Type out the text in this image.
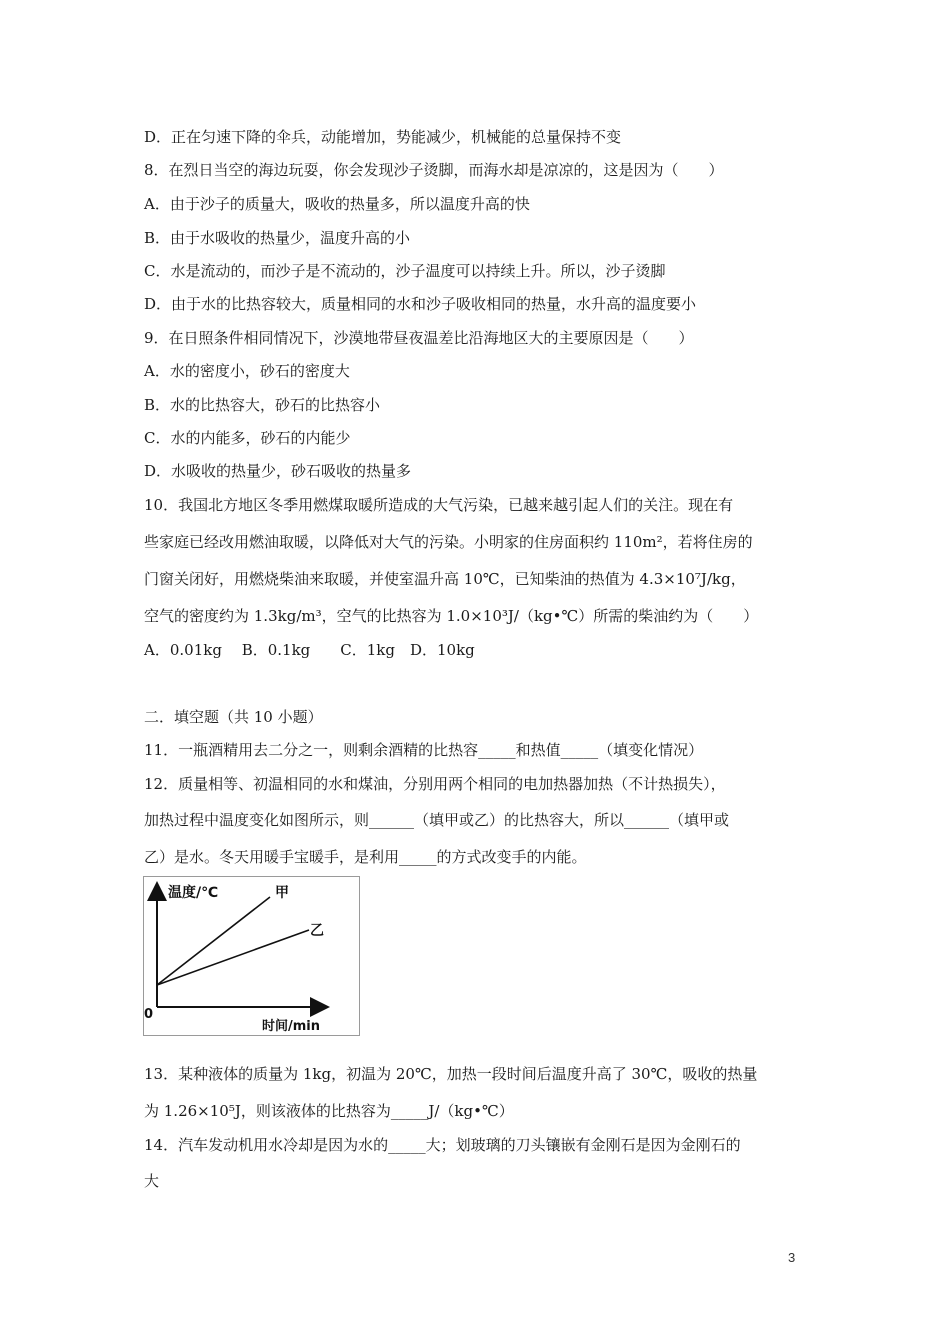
D．正在匀速下降的伞兵，动能增加，势能减少，机械能的总量保持不变
8．在烈日当空的海边玩耍，你会发现沙子烫脚，而海水却是凉凉的，这是因为（　　）
A．由于沙子的质量大，吸收的热量多，所以温度升高的快
B．由于水吸收的热量少，温度升高的小
C．水是流动的，而沙子是不流动的，沙子温度可以持续上升。所以，沙子烫脚
D．由于水的比热容较大，质量相同的水和沙子吸收相同的热量，水升高的温度要小
9．在日照条件相同情况下，沙漠地带昼夜温差比沿海地区大的主要原因是（　　）
A．水的密度小，砂石的密度大
B．水的比热容大，砂石的比热容小
C．水的内能多，砂石的内能少
D．水吸收的热量少，砂石吸收的热量多
10．我国北方地区冬季用燃煤取暖所造成的大气污染，已越来越引起人们的关注。现在有
些家庭已经改用燃油取暖，以降低对大气的污染。小明家的住房面积约 110m²，若将住房的
门窗关闭好，用燃烧柴油来取暖，并使室温升高 10℃，已知柴油的热值为 4.3×10⁷J/kg，
空气的密度约为 1.3kg/m³，空气的比热容为 1.0×10³J/（kg•℃）所需的柴油约为（　　）
A．0.01kg　 B．0.1kg　　C．1kg　D．10kg
二．填空题（共 10 小题）
11．一瓶酒精用去二分之一，则剩余酒精的比热容_____和热值_____（填变化情况）
12．质量相等、初温相同的水和煤油，分别用两个相同的电加热器加热（不计热损失），
加热过程中温度变化如图所示，则______（填甲或乙）的比热容大，所以______（填甲或
乙）是水。冬天用暖手宝暖手，是利用_____的方式改变手的内能。
温度/℃	甲
乙
0
时间/min
13．某种液体的质量为 1kg，初温为 20℃，加热一段时间后温度升高了 30℃，吸收的热量
为 1.26×10⁵J，则该液体的比热容为_____J/（kg•℃）
14．汽车发动机用水冷却是因为水的_____大；划玻璃的刀头镶嵌有金刚石是因为金刚石的
大
3
